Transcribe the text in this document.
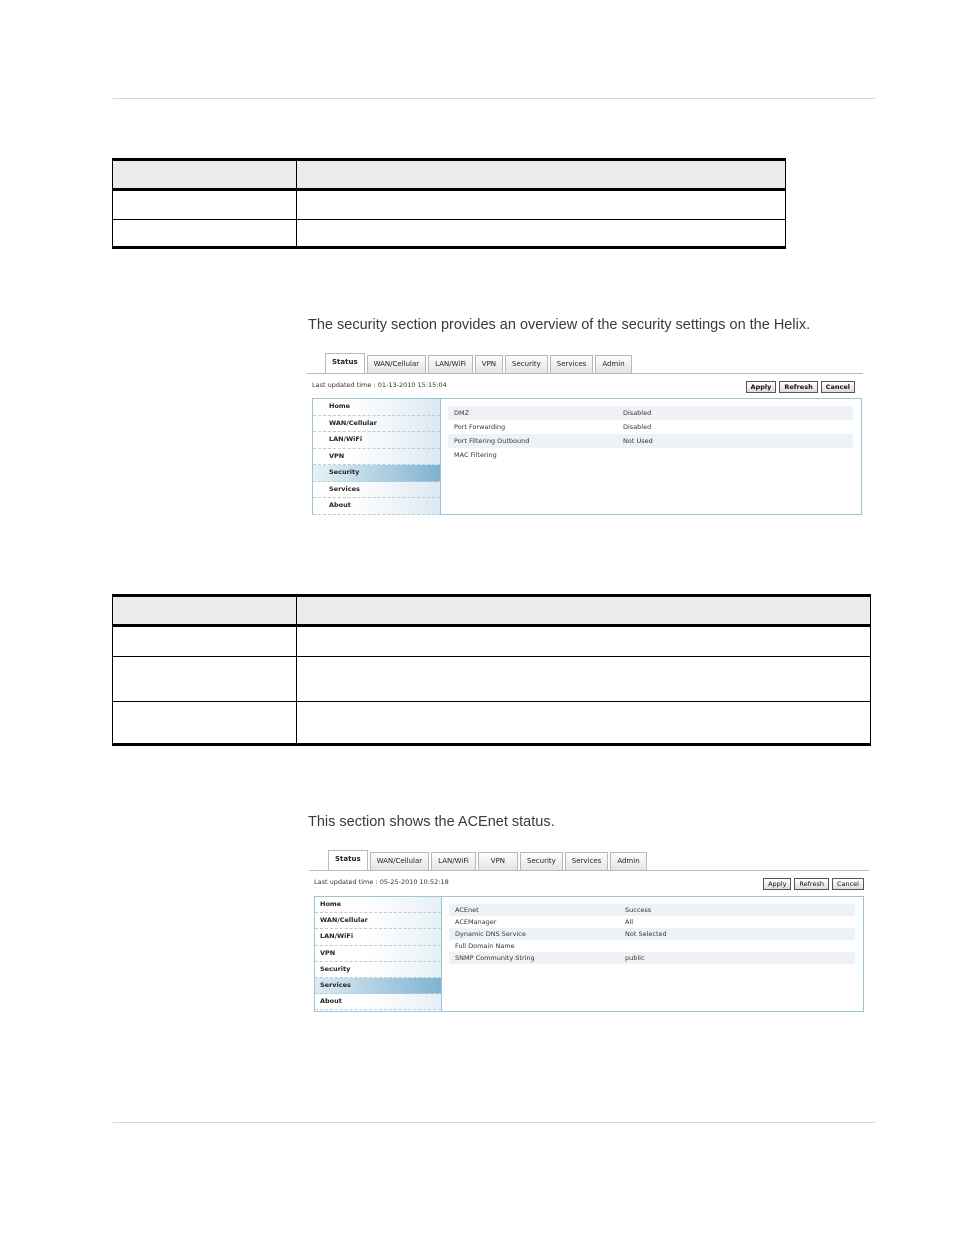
The security section provides an overview of the security settings on the Helix.

Status	WAN/Cellular	LAN/WiFi	VPN	Security	Services	Admin
Last updated time : 01-13-2010 15:15:04	Apply	Refresh	Cancel
Home
WAN/Cellular
LAN/WiFi
VPN
Security
Services
About
DMZ	Disabled
Port Forwarding	Disabled
Port Filtering Outbound	Not Used
MAC Filtering

This section shows the ACEnet status.

Status	WAN/Cellular	LAN/WiFi	VPN	Security	Services	Admin
Last updated time : 05-25-2010 10:52:18	Apply	Refresh	Cancel
Home
WAN/Cellular
LAN/WiFi
VPN
Security
Services
About
ACEnet	Success
ACEManager	All
Dynamic DNS Service	Not Selected
Full Domain Name
SNMP Community String	public
